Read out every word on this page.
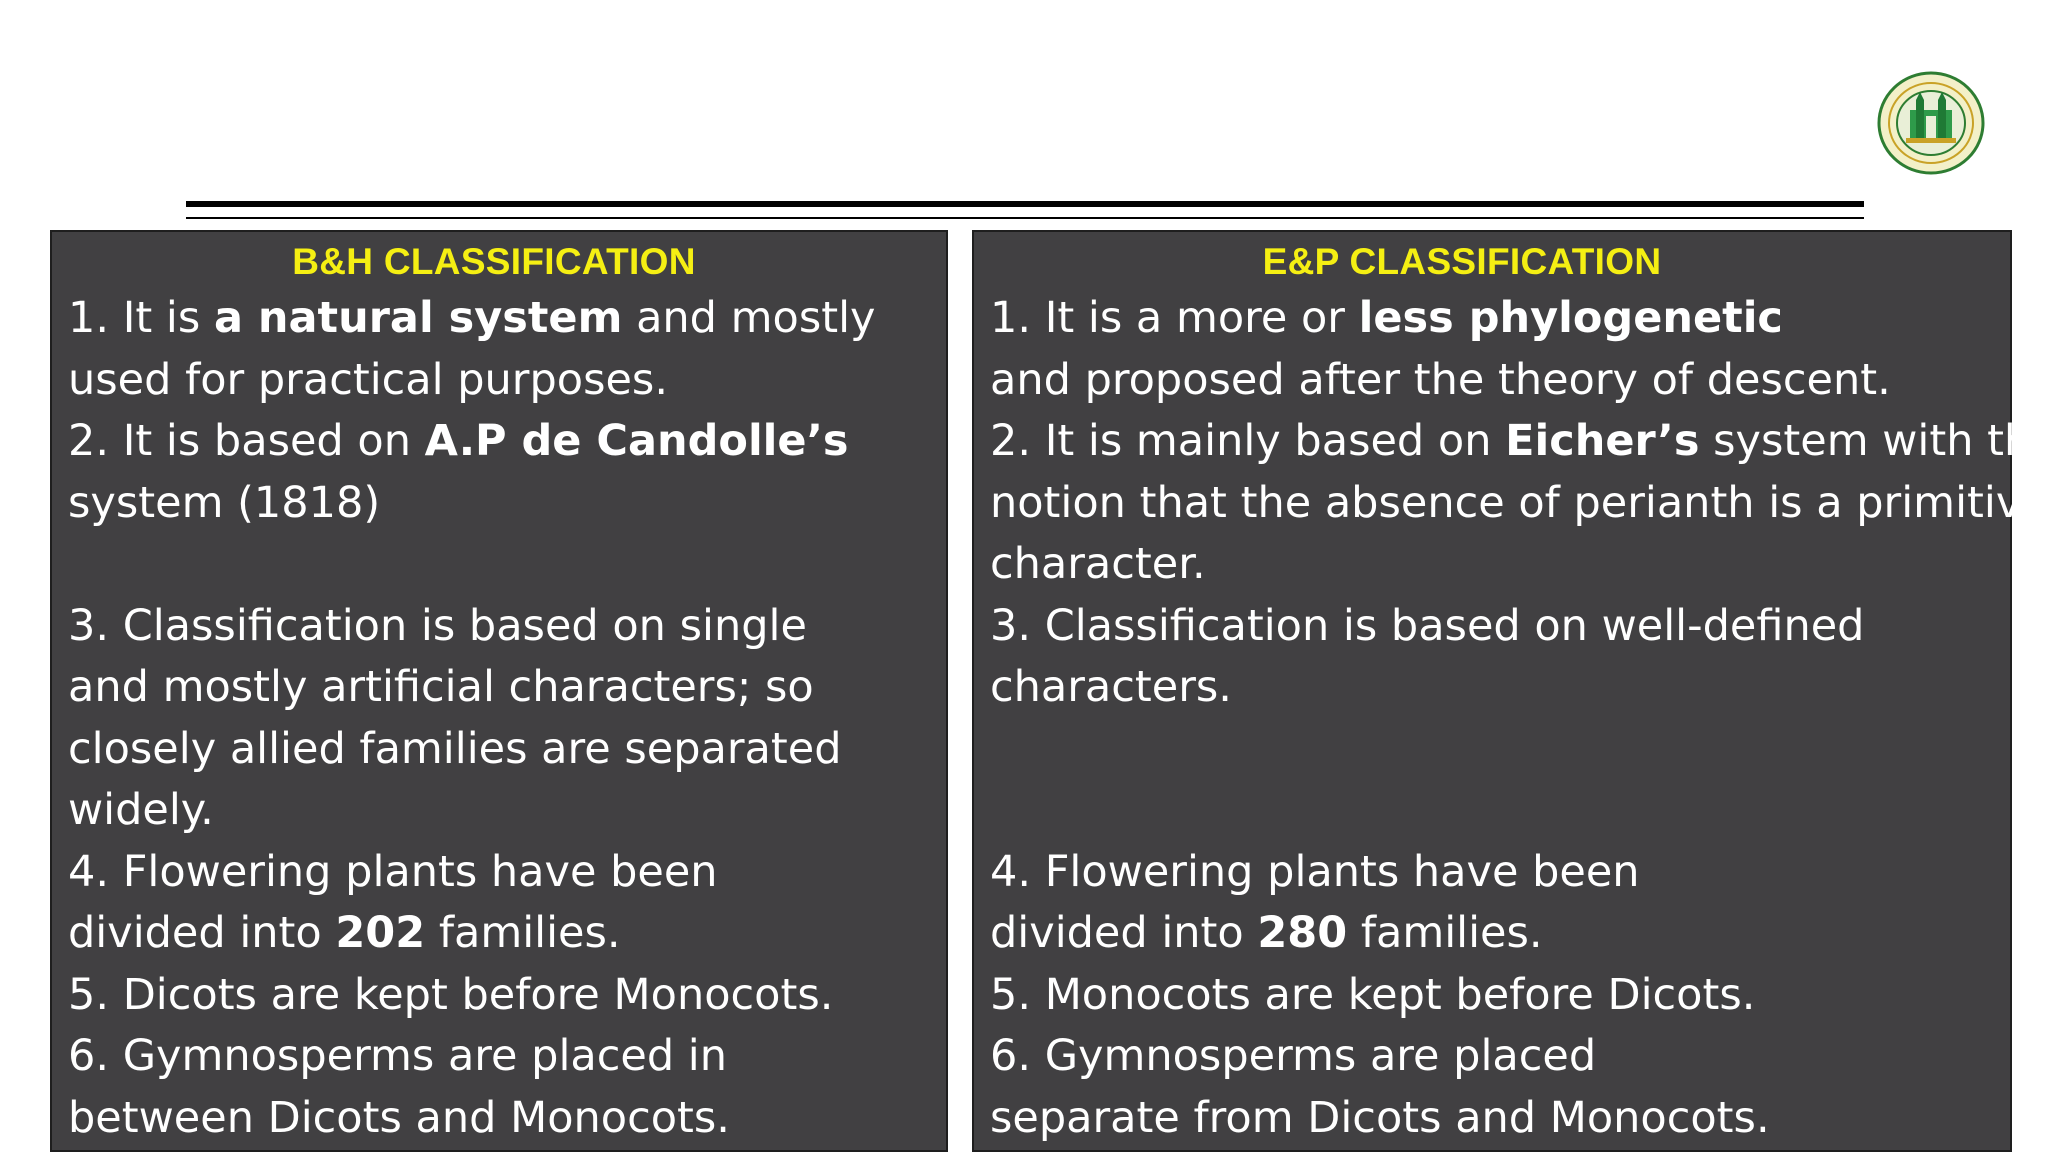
B&H CLASSIFICATION
1. It is a natural system and mostly
used for practical purposes.
2. It is based on A.P de Candolle’s
system (1818)
3. Classification is based on single
and mostly artificial characters; so
closely allied families are separated
widely.
4. Flowering plants have been
divided into 202 families.
5. Dicots are kept before Monocots.
6. Gymnosperms are placed in
between Dicots and Monocots.
E&P CLASSIFICATION
1. It is a more or less phylogenetic
and proposed after the theory of descent.
2. It is mainly based on Eicher’s system with the
notion that the absence of perianth is a primitive
character.
3. Classification is based on well-defined
characters.
4. Flowering plants have been
divided into 280 families.
5. Monocots are kept before Dicots.
6. Gymnosperms are placed
separate from Dicots and Monocots.
